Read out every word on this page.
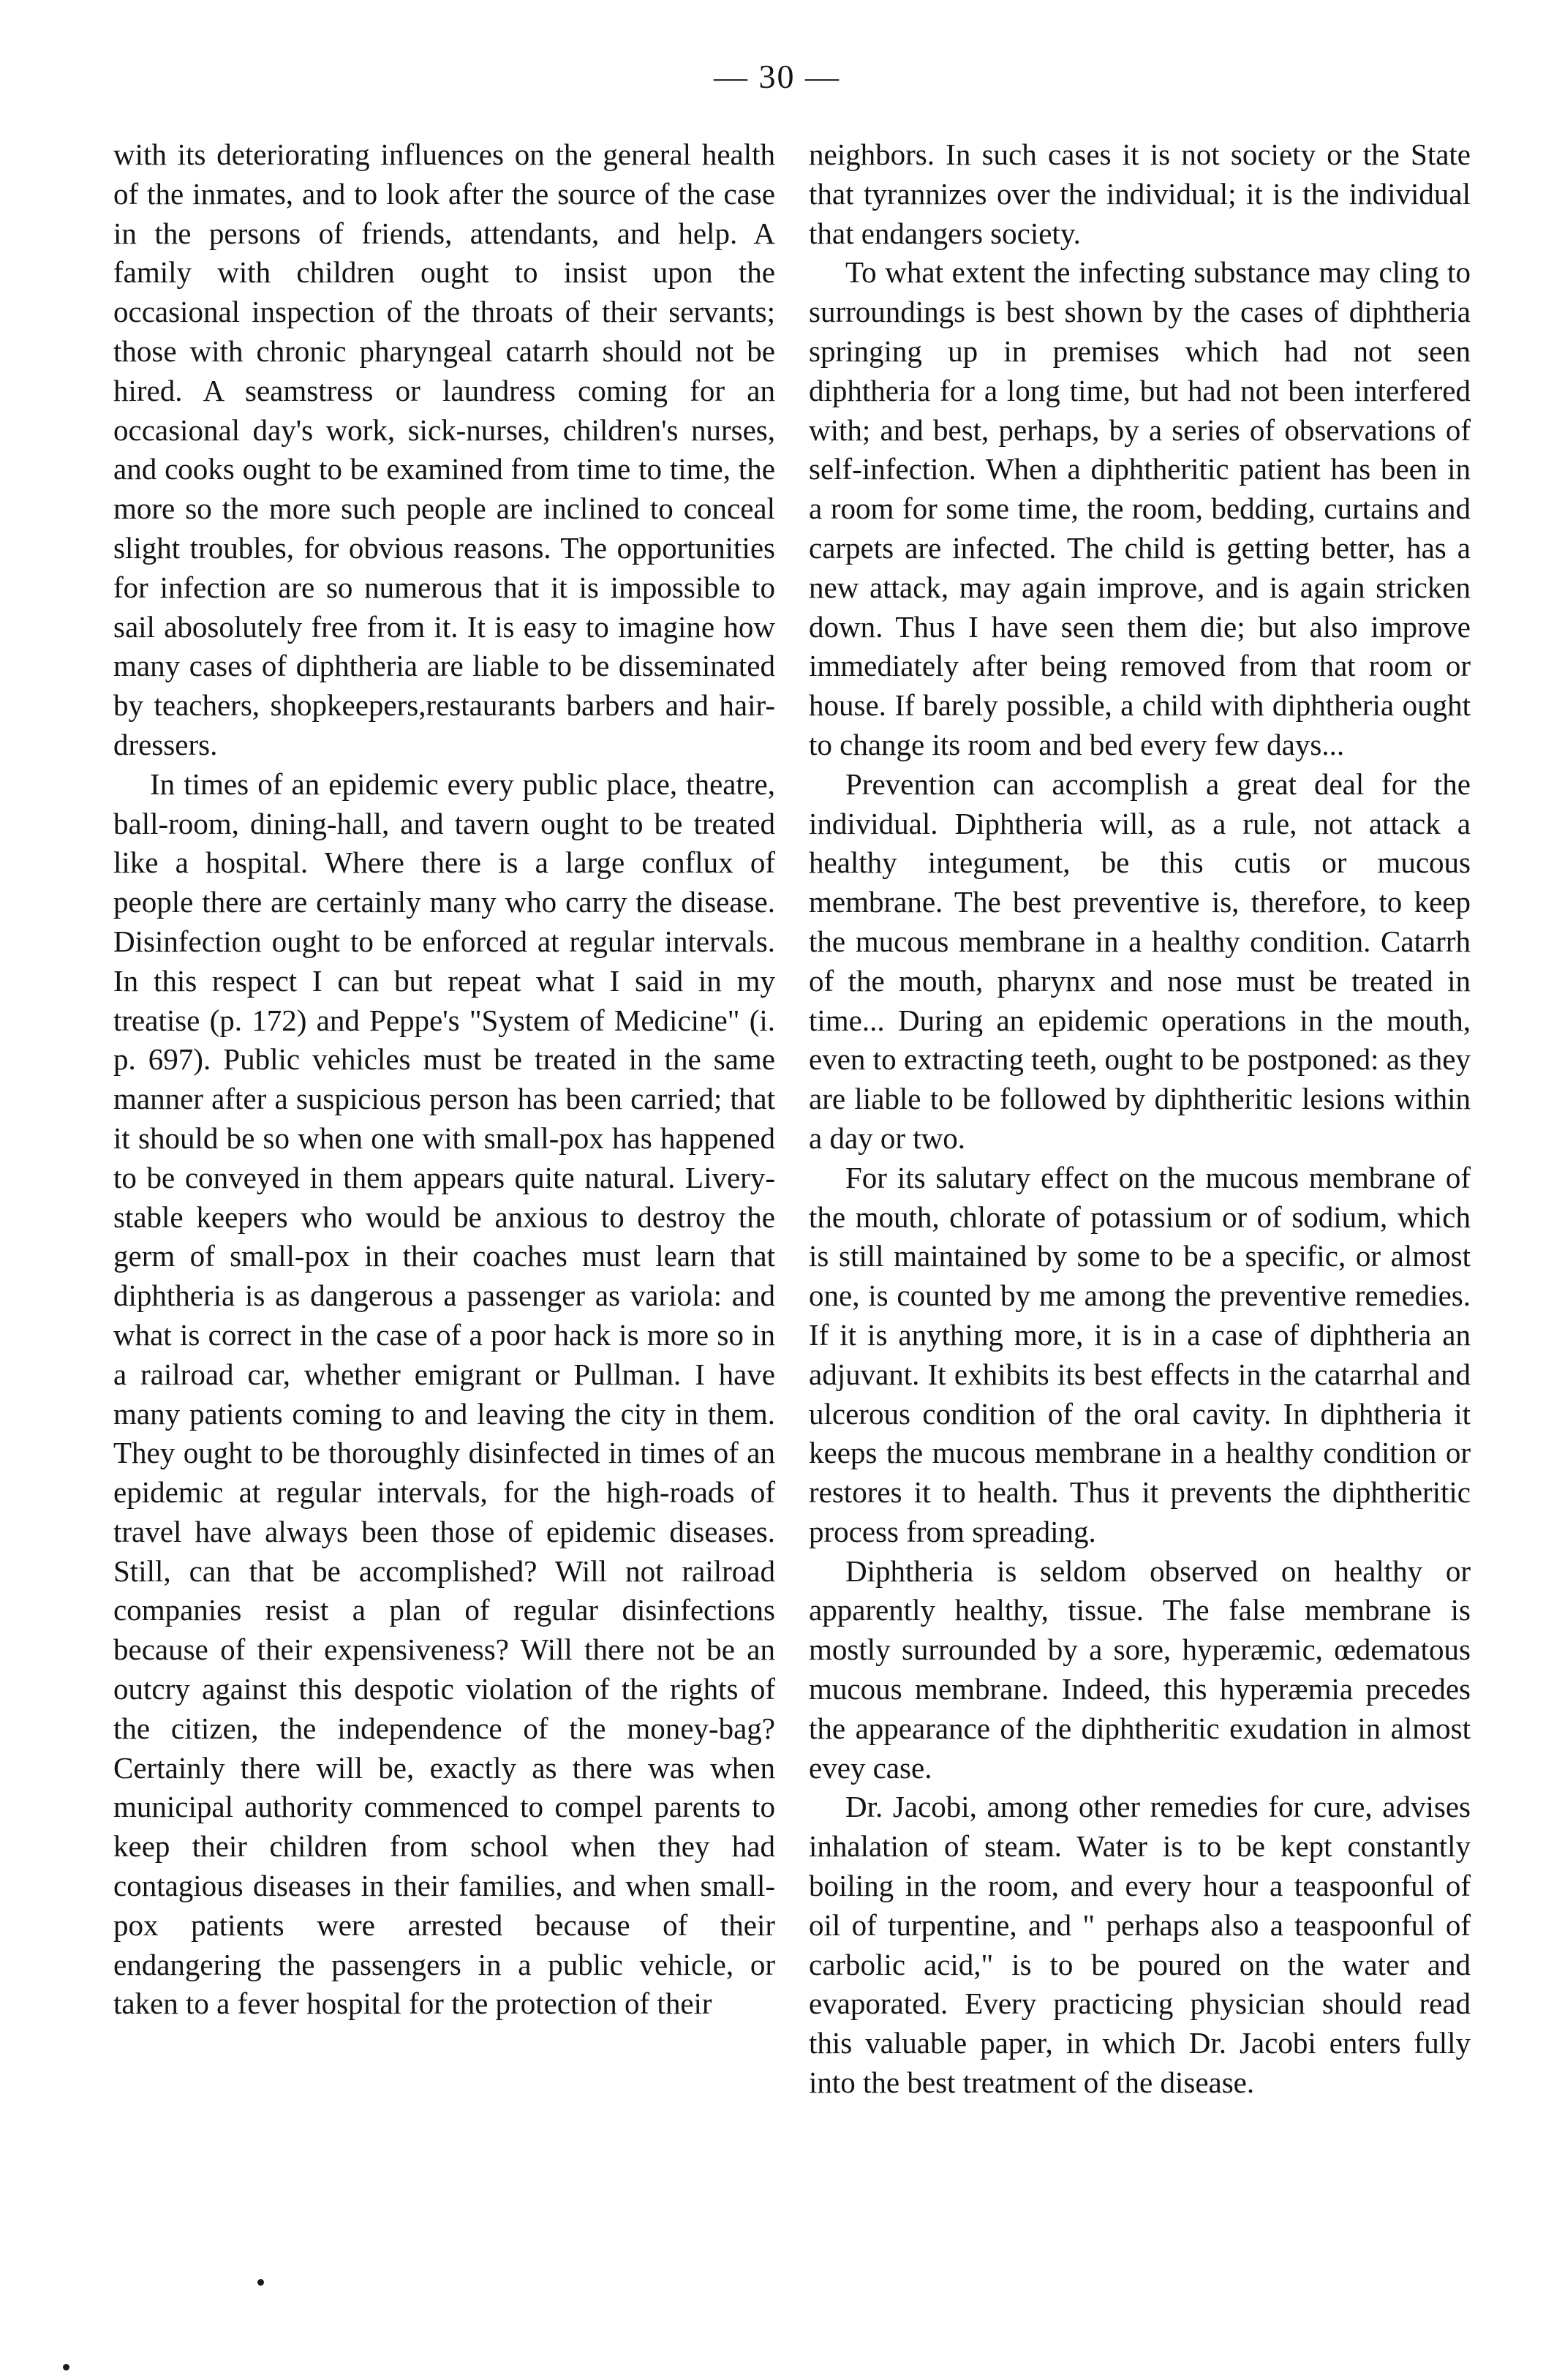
— 30 —

with its deteriorating influences on the general health of the inmates, and to look after the source of the case in the persons of friends, attendants, and help. A family with children ought to insist upon the occasional inspection of the throats of their servants; those with chronic pharyngeal catarrh should not be hired. A seamstress or laundress coming for an occasional day's work, sick-nurses, children's nurses, and cooks ought to be examined from time to time, the more so the more such people are inclined to conceal slight troubles, for obvious reasons. The opportunities for infection are so numerous that it is impossible to sail abosolutely free from it. It is easy to imagine how many cases of diphtheria are liable to be disseminated by teachers, shopkeepers,restaurants barbers and hair-dressers.

In times of an epidemic every public place, theatre, ball-room, dining-hall, and tavern ought to be treated like a hospital. Where there is a large conflux of people there are certainly many who carry the disease. Disinfection ought to be enforced at regular intervals. In this respect I can but repeat what I said in my treatise (p. 172) and Peppe's "System of Medicine" (i. p. 697). Public vehicles must be treated in the same manner after a suspicious person has been carried; that it should be so when one with small-pox has happened to be conveyed in them appears quite natural. Livery-stable keepers who would be anxious to destroy the germ of small-pox in their coaches must learn that diphtheria is as dangerous a passenger as variola: and what is correct in the case of a poor hack is more so in a railroad car, whether emigrant or Pullman. I have many patients coming to and leaving the city in them. They ought to be thoroughly disinfected in times of an epidemic at regular intervals, for the high-roads of travel have always been those of epidemic diseases. Still, can that be accomplished? Will not railroad companies resist a plan of regular disinfections because of their expensiveness? Will there not be an outcry against this despotic violation of the rights of the citizen, the independence of the money-bag? Certainly there will be, exactly as there was when municipal authority commenced to compel parents to keep their children from school when they had contagious diseases in their families, and when small-pox patients were arrested because of their endangering the passengers in a public vehicle, or taken to a fever hospital for the protection of their

neighbors. In such cases it is not society or the State that tyrannizes over the individual; it is the individual that endangers society.

To what extent the infecting substance may cling to surroundings is best shown by the cases of diphtheria springing up in premises which had not seen diphtheria for a long time, but had not been interfered with; and best, perhaps, by a series of observations of self-infection. When a diphtheritic patient has been in a room for some time, the room, bedding, curtains and carpets are infected. The child is getting better, has a new attack, may again improve, and is again stricken down. Thus I have seen them die; but also improve immediately after being removed from that room or house. If barely possible, a child with diphtheria ought to change its room and bed every few days...

Prevention can accomplish a great deal for the individual. Diphtheria will, as a rule, not attack a healthy integument, be this cutis or mucous membrane. The best preventive is, therefore, to keep the mucous membrane in a healthy condition. Catarrh of the mouth, pharynx and nose must be treated in time... During an epidemic operations in the mouth, even to extracting teeth, ought to be postponed: as they are liable to be followed by diphtheritic lesions within a day or two.

For its salutary effect on the mucous membrane of the mouth, chlorate of potassium or of sodium, which is still maintained by some to be a specific, or almost one, is counted by me among the preventive remedies. If it is anything more, it is in a case of diphtheria an adjuvant. It exhibits its best effects in the catarrhal and ulcerous condition of the oral cavity. In diphtheria it keeps the mucous membrane in a healthy condition or restores it to health. Thus it prevents the diphtheritic process from spreading.

Diphtheria is seldom observed on healthy or apparently healthy, tissue. The false membrane is mostly surrounded by a sore, hyperæmic, œdematous mucous membrane. Indeed, this hyperæmia precedes the appearance of the diphtheritic exudation in almost evey case.

Dr. Jacobi, among other remedies for cure, advises inhalation of steam. Water is to be kept constantly boiling in the room, and every hour a teaspoonful of oil of turpentine, and " perhaps also a teaspoonful of carbolic acid," is to be poured on the water and evaporated. Every practicing physician should read this valuable paper, in which Dr. Jacobi enters fully into the best treatment of the disease.
